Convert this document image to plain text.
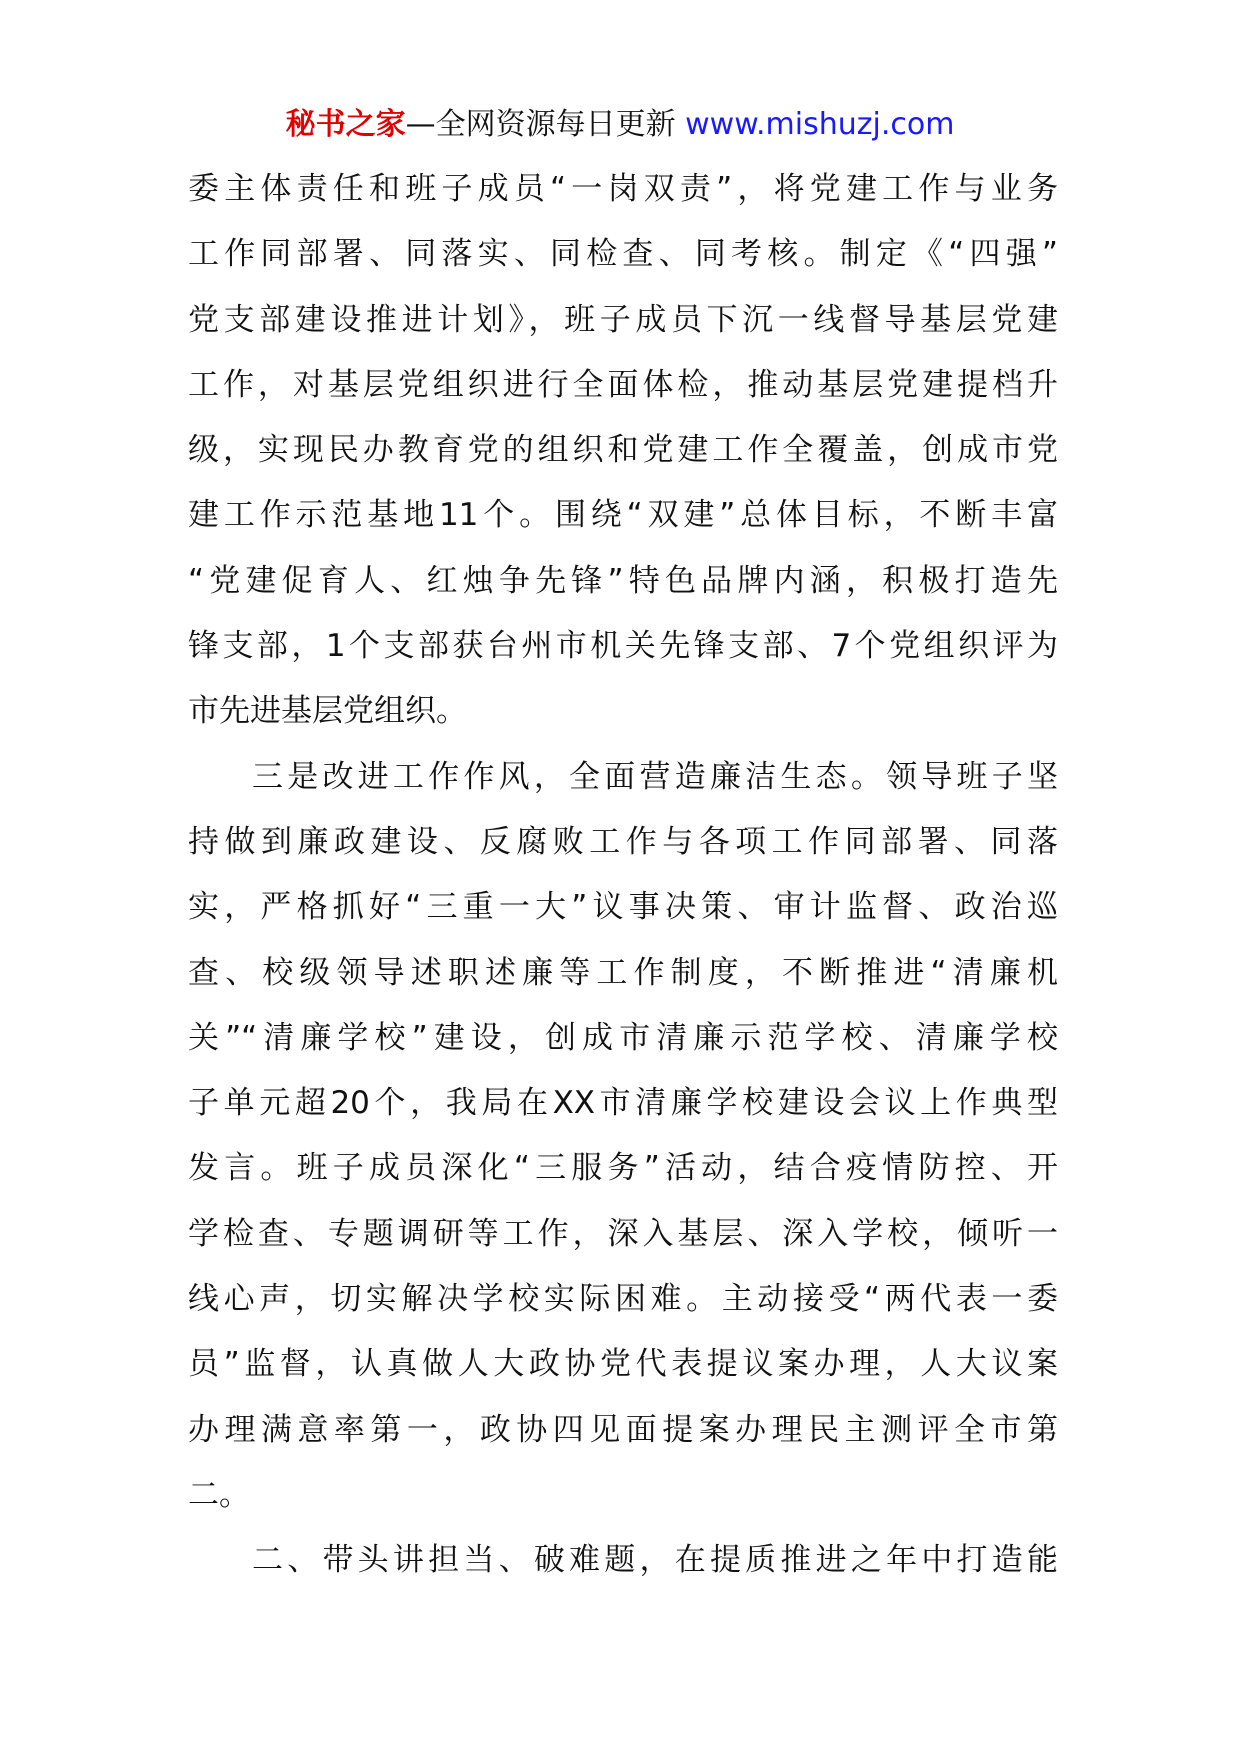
秘书之家—全网资源每日更新 www.mishuzj.com
委主体责任和班子成员“一岗双责”，将党建工作与业务
工作同部署、同落实、同检查、同考核。制定《“四强”
党支部建设推进计划》，班子成员下沉一线督导基层党建
工作，对基层党组织进行全面体检，推动基层党建提档升
级，实现民办教育党的组织和党建工作全覆盖，创成市党
建工作示范基地11个。围绕“双建”总体目标，不断丰富
“党建促育人、红烛争先锋”特色品牌内涵，积极打造先
锋支部，1个支部获台州市机关先锋支部、7个党组织评为
市先进基层党组织。
三是改进工作作风，全面营造廉洁生态。领导班子坚
持做到廉政建设、反腐败工作与各项工作同部署、同落
实，严格抓好“三重一大”议事决策、审计监督、政治巡
查、校级领导述职述廉等工作制度，不断推进“清廉机
关”“清廉学校”建设，创成市清廉示范学校、清廉学校
子单元超20个，我局在XX市清廉学校建设会议上作典型
发言。班子成员深化“三服务”活动，结合疫情防控、开
学检查、专题调研等工作，深入基层、深入学校，倾听一
线心声，切实解决学校实际困难。主动接受“两代表一委
员”监督，认真做人大政协党代表提议案办理，人大议案
办理满意率第一，政协四见面提案办理民主测评全市第
二。
二、带头讲担当、破难题，在提质推进之年中打造能
